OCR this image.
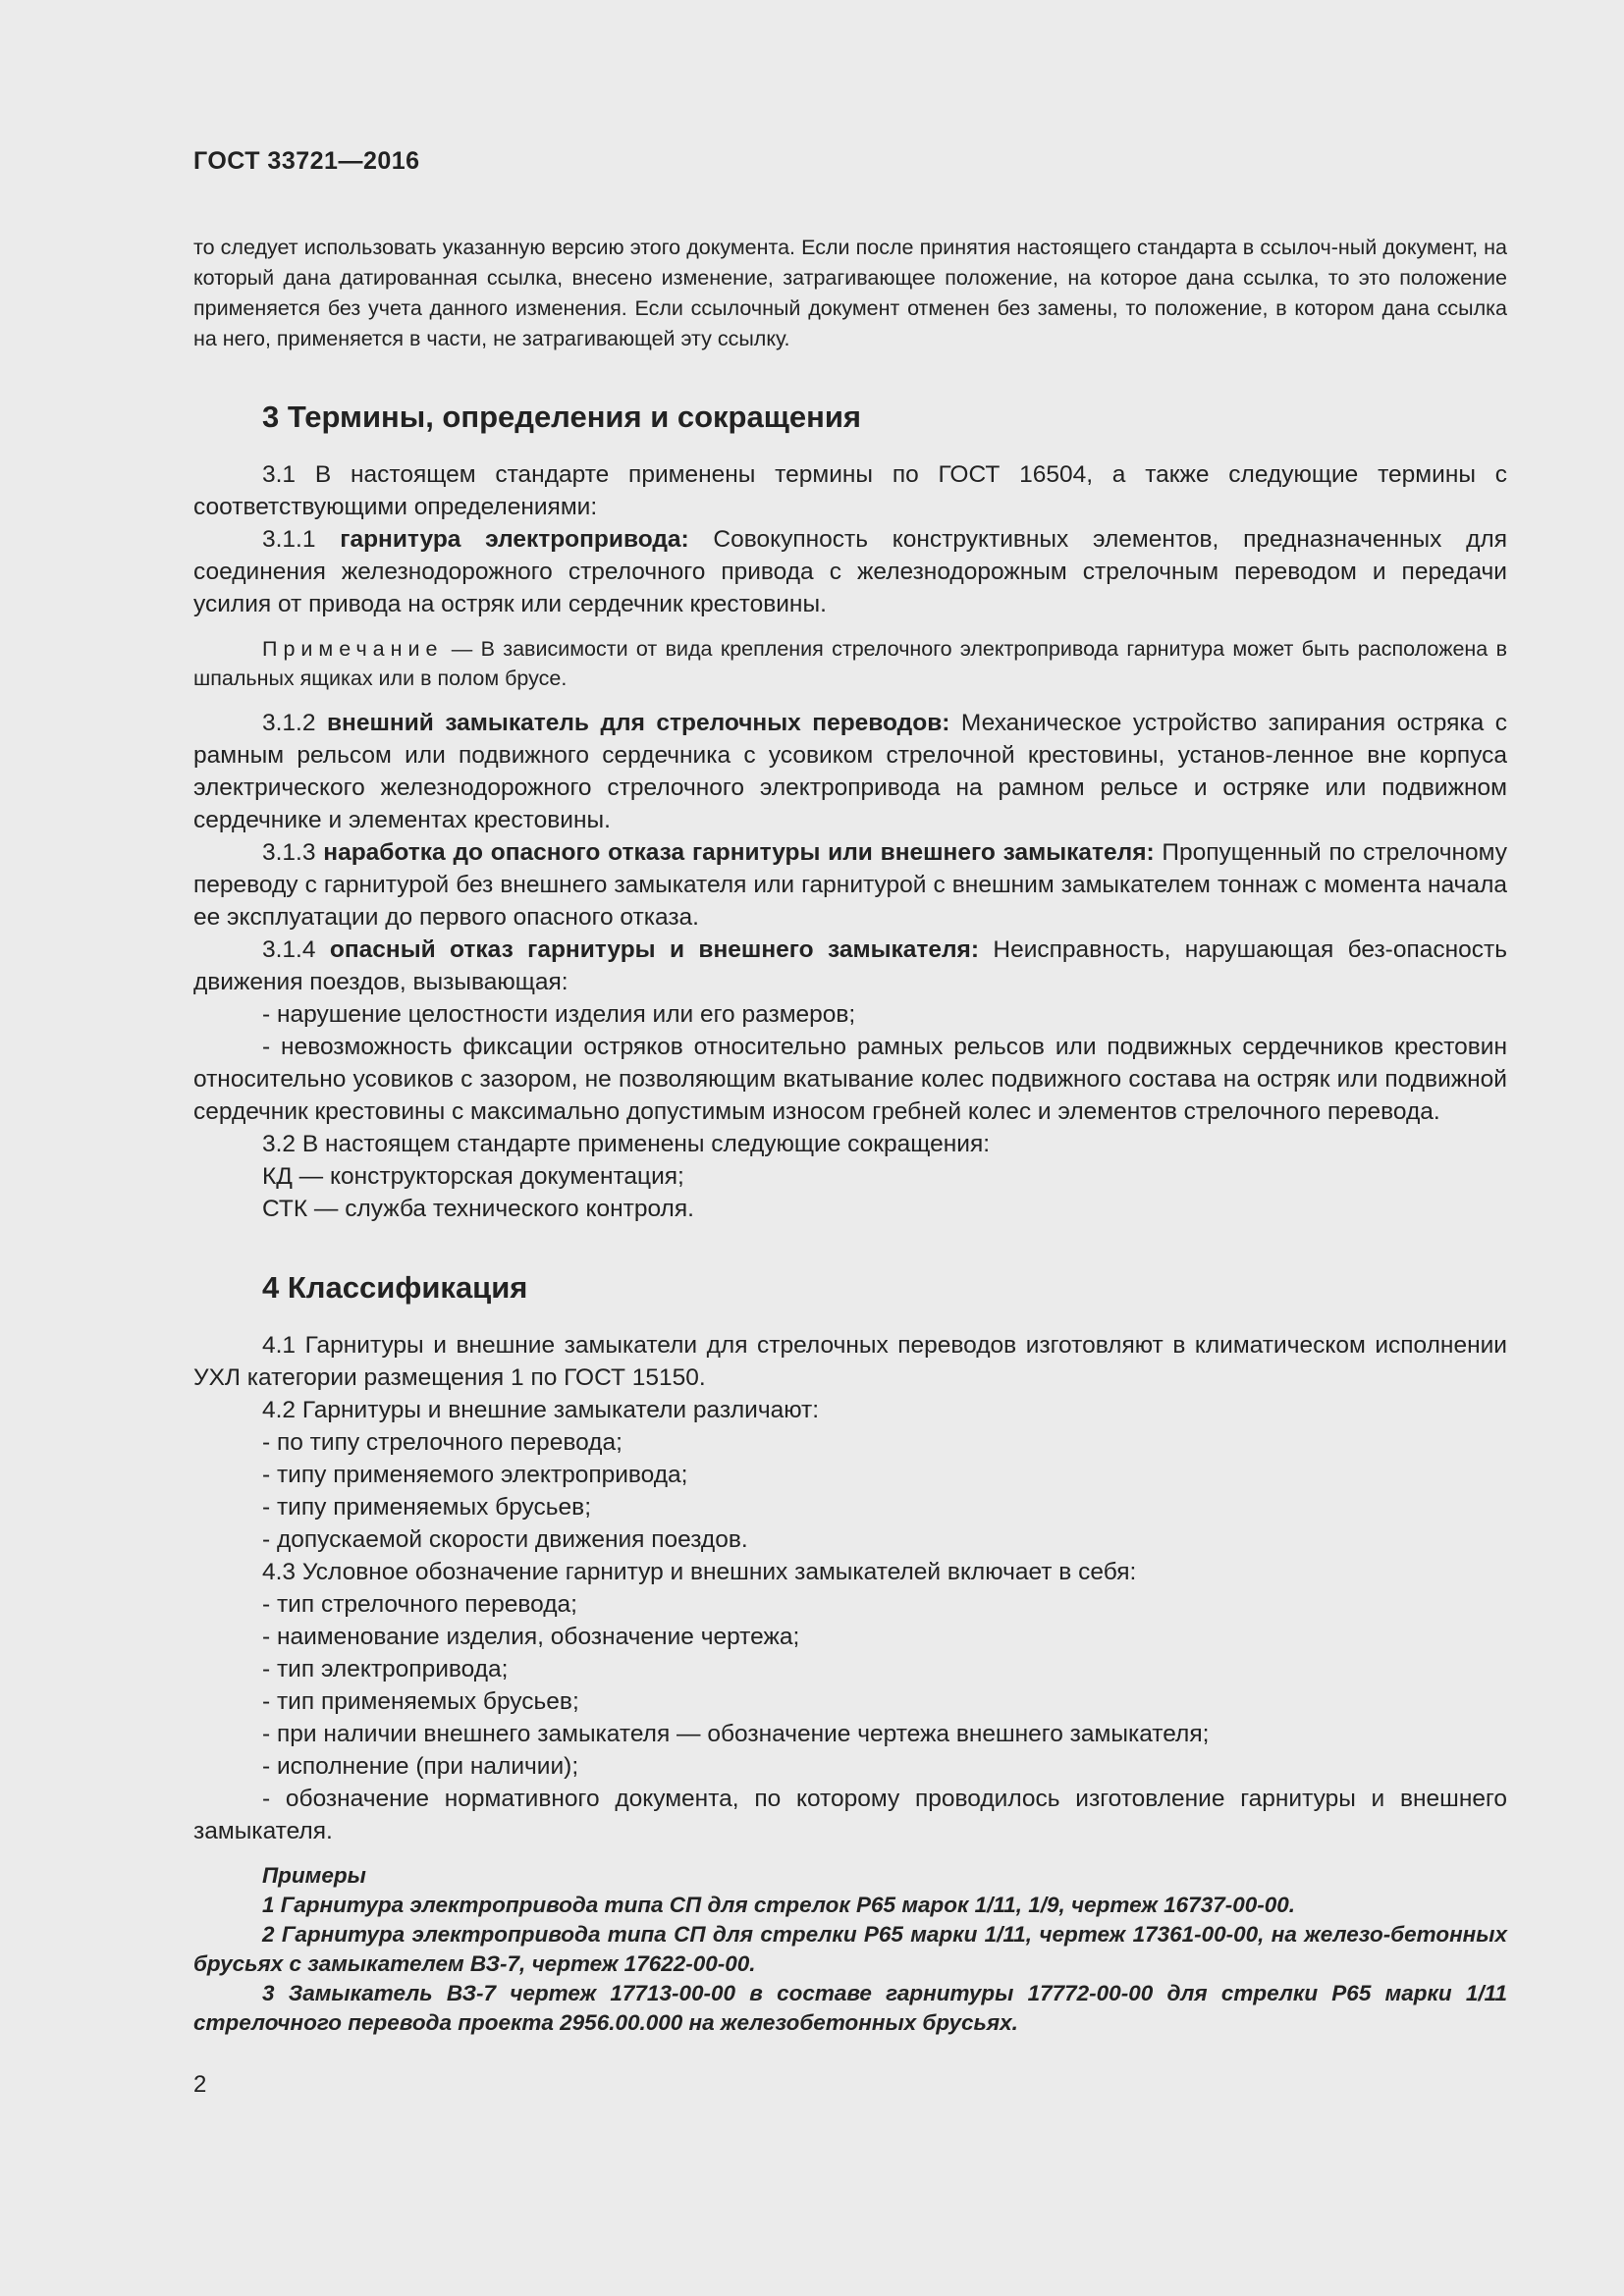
ГОСТ 33721—2016

то следует использовать указанную версию этого документа. Если после принятия настоящего стандарта в ссылоч-ный документ, на который дана датированная ссылка, внесено изменение, затрагивающее положение, на которое дана ссылка, то это положение применяется без учета данного изменения. Если ссылочный документ отменен без замены, то положение, в котором дана ссылка на него, применяется в части, не затрагивающей эту ссылку.

3 Термины, определения и сокращения

3.1 В настоящем стандарте применены термины по ГОСТ 16504, а также следующие термины с соответствующими определениями:

3.1.1 гарнитура электропривода: Совокупность конструктивных элементов, предназначенных для соединения железнодорожного стрелочного привода с железнодорожным стрелочным переводом и передачи усилия от привода на остряк или сердечник крестовины.

Примечание — В зависимости от вида крепления стрелочного электропривода гарнитура может быть расположена в шпальных ящиках или в полом брусе.

3.1.2 внешний замыкатель для стрелочных переводов: Механическое устройство запирания остряка с рамным рельсом или подвижного сердечника с усовиком стрелочной крестовины, установ-ленное вне корпуса электрического железнодорожного стрелочного электропривода на рамном рельсе и остряке или подвижном сердечнике и элементах крестовины.

3.1.3 наработка до опасного отказа гарнитуры или внешнего замыкателя: Пропущенный по стрелочному переводу с гарнитурой без внешнего замыкателя или гарнитурой с внешним замыкателем тоннаж с момента начала ее эксплуатации до первого опасного отказа.

3.1.4 опасный отказ гарнитуры и внешнего замыкателя: Неисправность, нарушающая без-опасность движения поездов, вызывающая:

- нарушение целостности изделия или его размеров;

- невозможность фиксации остряков относительно рамных рельсов или подвижных сердечников крестовин относительно усовиков с зазором, не позволяющим вкатывание колес подвижного состава на остряк или подвижной сердечник крестовины с максимально допустимым износом гребней колес и элементов стрелочного перевода.

3.2 В настоящем стандарте применены следующие сокращения:

КД — конструкторская документация;

СТК — служба технического контроля.

4 Классификация

4.1 Гарнитуры и внешние замыкатели для стрелочных переводов изготовляют в климатическом исполнении УХЛ категории размещения 1 по ГОСТ 15150.

4.2 Гарнитуры и внешние замыкатели различают:

- по типу стрелочного перевода;

- типу применяемого электропривода;

- типу применяемых брусьев;

- допускаемой скорости движения поездов.

4.3 Условное обозначение гарнитур и внешних замыкателей включает в себя:

- тип стрелочного перевода;

- наименование изделия, обозначение чертежа;

- тип электропривода;

- тип применяемых брусьев;

- при наличии внешнего замыкателя — обозначение чертежа внешнего замыкателя;

- исполнение (при наличии);

- обозначение нормативного документа, по которому проводилось изготовление гарнитуры и внешнего замыкателя.

Примеры

1 Гарнитура электропривода типа СП для стрелок Р65 марок 1/11, 1/9, чертеж 16737-00-00.

2 Гарнитура электропривода типа СП для стрелки Р65 марки 1/11, чертеж 17361-00-00, на железо-бетонных брусьях с замыкателем ВЗ-7, чертеж 17622-00-00.

3 Замыкатель ВЗ-7 чертеж 17713-00-00 в составе гарнитуры 17772-00-00 для стрелки Р65 марки 1/11 стрелочного перевода проекта 2956.00.000 на железобетонных брусьях.

2
